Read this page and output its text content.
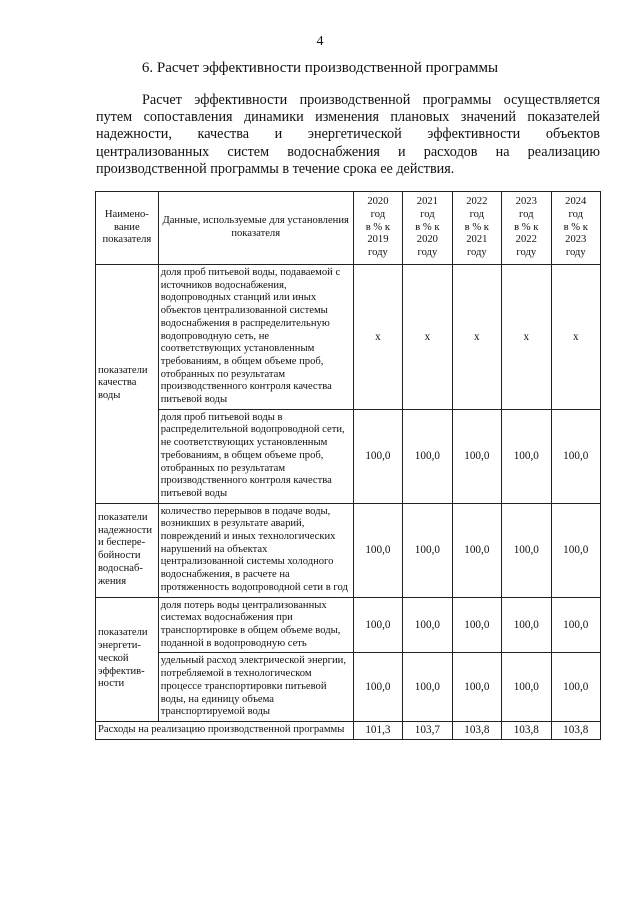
4
6. Расчет эффективности производственной программы
Расчет эффективности производственной программы осуществляется путем сопоставления динамики изменения плановых значений показателей надежности, качества и энергетической эффективности объектов централизованных систем водоснабжения и расходов на реализацию производственной программы в течение срока ее действия.
Наимено-вание показателя	Данные, используемые для установления показателя	2020
год
в % к
2019
году	2021
год
в % к
2020
году	2022
год
в % к
2021
году	2023
год
в % к
2022
году	2024
год
в % к
2023
году

показатели качества воды	доля проб питьевой воды, подаваемой с источников водоснабжения, водопроводных станций или иных объектов централизованной системы водоснабжения в распределительную водопроводную сеть, не соответствующих установленным требованиям, в общем объеме проб, отобранных по результатам производственного контроля качества питьевой воды	x	x	x	x	x
	доля проб питьевой воды в распределительной водопроводной сети, не соответствующих установленным требованиям, в общем объеме проб, отобранных по результатам производственного контроля качества питьевой воды	100,0	100,0	100,0	100,0	100,0
показатели надежности и беспере-бойности водоснаб-жения	количество перерывов в подаче воды, возникших в результате аварий, повреждений и иных технологических нарушений на объектах централизованной системы холодного водоснабжения, в расчете на протяженность водопроводной сети в год	100,0	100,0	100,0	100,0	100,0
показатели энергети-ческой эффектив-ности	доля потерь воды централизованных системах водоснабжения при транспортировке в общем объеме воды, поданной в водопроводную сеть	100,0	100,0	100,0	100,0	100,0
	удельный расход электрической энергии, потребляемой в технологическом процессе транспортировки питьевой воды, на единицу объема транспортируемой воды	100,0	100,0	100,0	100,0	100,0
Расходы на реализацию производственной программы		101,3	103,7	103,8	103,8	103,8
